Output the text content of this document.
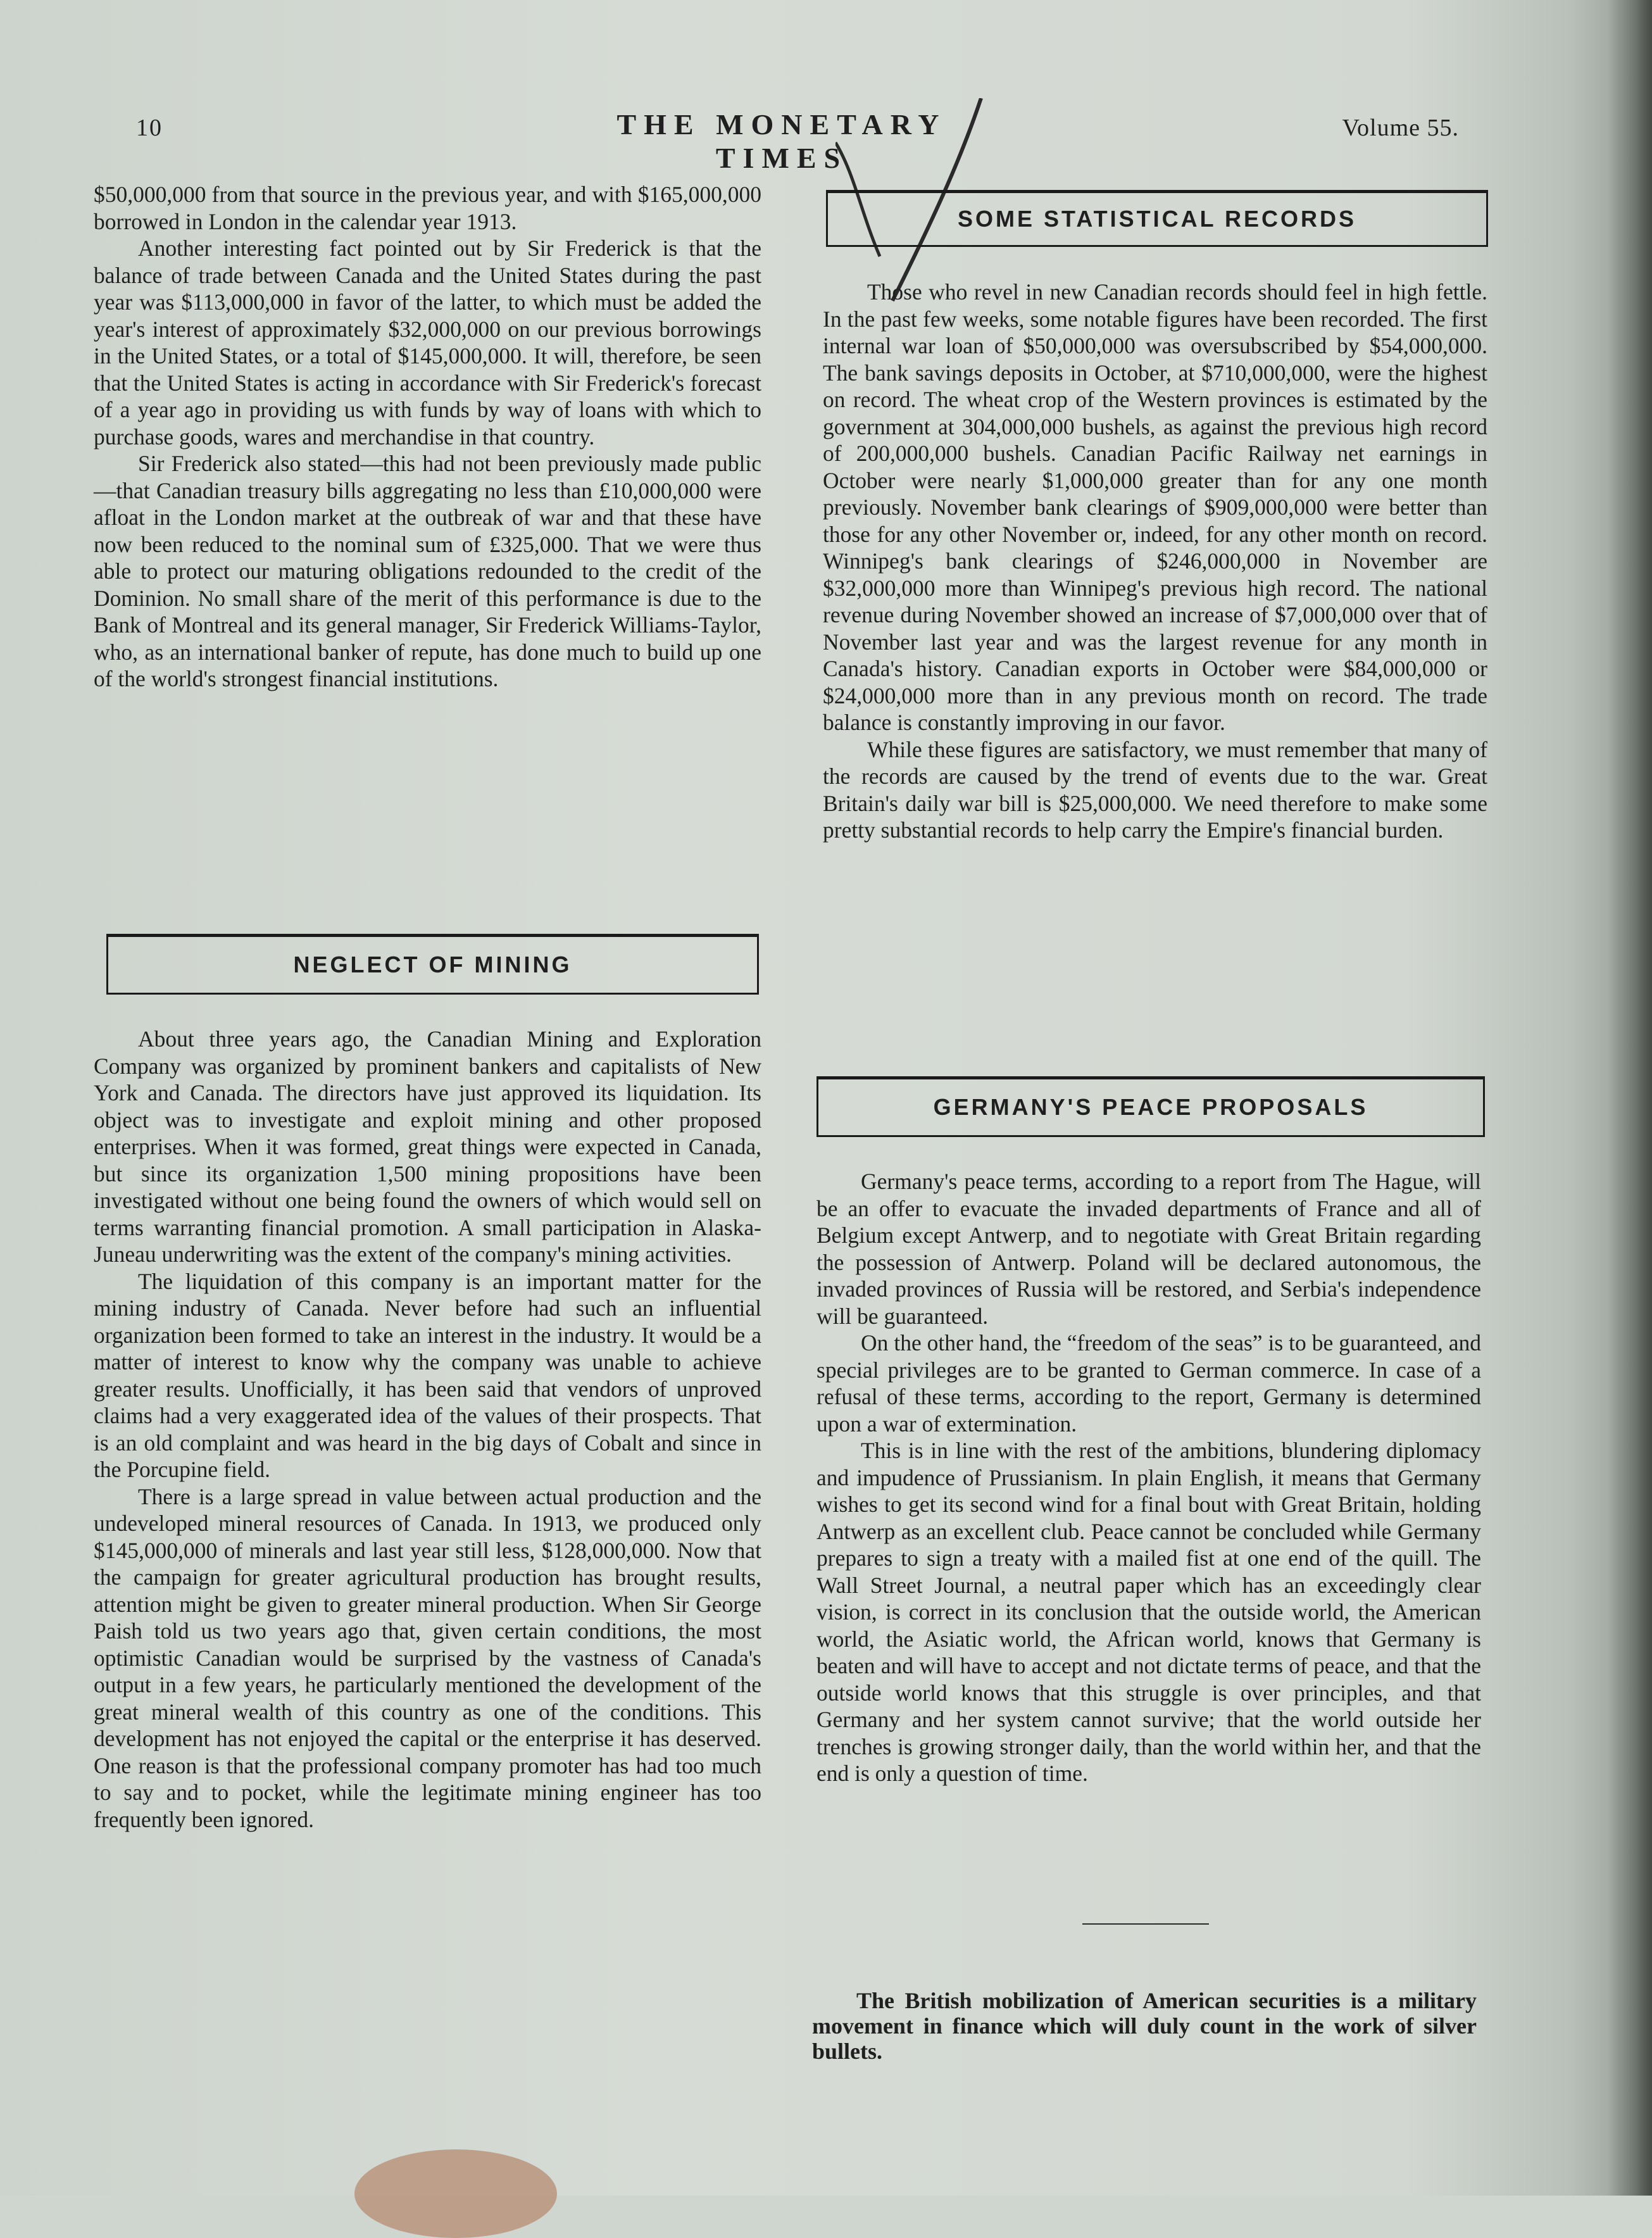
10	THE MONETARY TIMES
Volume 55.

$50,000,000 from that source in the previous year, and with $165,000,000 borrowed in London in the calendar year 1913.

Another interesting fact pointed out by Sir Frederick is that the balance of trade between Canada and the United States during the past year was $113,000,000 in favor of the latter, to which must be added the year's interest of approximately $32,000,000 on our previous borrowings in the United States, or a total of $145,000,000. It will, therefore, be seen that the United States is acting in accordance with Sir Frederick's forecast of a year ago in providing us with funds by way of loans with which to purchase goods, wares and merchandise in that country.

Sir Frederick also stated—this had not been previously made public—that Canadian treasury bills aggregating no less than £10,000,000 were afloat in the London market at the outbreak of war and that these have now been reduced to the nominal sum of £325,000. That we were thus able to protect our maturing obligations redounded to the credit of the Dominion. No small share of the merit of this performance is due to the Bank of Montreal and its general manager, Sir Frederick Williams-Taylor, who, as an international banker of repute, has done much to build up one of the world's strongest financial institutions.

NEGLECT OF MINING

About three years ago, the Canadian Mining and Exploration Company was organized by prominent bankers and capitalists of New York and Canada. The directors have just approved its liquidation. Its object was to investigate and exploit mining and other proposed enterprises. When it was formed, great things were expected in Canada, but since its organization 1,500 mining propositions have been investigated without one being found the owners of which would sell on terms warranting financial promotion. A small participation in Alaska-Juneau underwriting was the extent of the company's mining activities.

The liquidation of this company is an important matter for the mining industry of Canada. Never before had such an influential organization been formed to take an interest in the industry. It would be a matter of interest to know why the company was unable to achieve greater results. Unofficially, it has been said that vendors of unproved claims had a very exaggerated idea of the values of their prospects. That is an old complaint and was heard in the big days of Cobalt and since in the Porcupine field.

There is a large spread in value between actual production and the undeveloped mineral resources of Canada. In 1913, we produced only $145,000,000 of minerals and last year still less, $128,000,000. Now that the campaign for greater agricultural production has brought results, attention might be given to greater mineral production. When Sir George Paish told us two years ago that, given certain conditions, the most optimistic Canadian would be surprised by the vastness of Canada's output in a few years, he particularly mentioned the development of the great mineral wealth of this country as one of the conditions. This development has not enjoyed the capital or the enterprise it has deserved. One reason is that the professional company promoter has had too much to say and to pocket, while the legitimate mining engineer has too frequently been ignored.

SOME STATISTICAL RECORDS

Those who revel in new Canadian records should feel in high fettle. In the past few weeks, some notable figures have been recorded. The first internal war loan of $50,000,000 was oversubscribed by $54,000,000. The bank savings deposits in October, at $710,000,000, were the highest on record. The wheat crop of the Western provinces is estimated by the government at 304,000,000 bushels, as against the previous high record of 200,000,000 bushels. Canadian Pacific Railway net earnings in October were nearly $1,000,000 greater than for any one month previously. November bank clearings of $909,000,000 were better than those for any other November or, indeed, for any other month on record. Winnipeg's bank clearings of $246,000,000 in November are $32,000,000 more than Winnipeg's previous high record. The national revenue during November showed an increase of $7,000,000 over that of November last year and was the largest revenue for any month in Canada's history. Canadian exports in October were $84,000,000 or $24,000,000 more than in any previous month on record. The trade balance is constantly improving in our favor.

While these figures are satisfactory, we must remember that many of the records are caused by the trend of events due to the war. Great Britain's daily war bill is $25,000,000. We need therefore to make some pretty substantial records to help carry the Empire's financial burden.

GERMANY'S PEACE PROPOSALS

Germany's peace terms, according to a report from The Hague, will be an offer to evacuate the invaded departments of France and all of Belgium except Antwerp, and to negotiate with Great Britain regarding the possession of Antwerp. Poland will be declared autonomous, the invaded provinces of Russia will be restored, and Serbia's independence will be guaranteed.

On the other hand, the “freedom of the seas” is to be guaranteed, and special privileges are to be granted to German commerce. In case of a refusal of these terms, according to the report, Germany is determined upon a war of extermination.

This is in line with the rest of the ambitions, blundering diplomacy and impudence of Prussianism. In plain English, it means that Germany wishes to get its second wind for a final bout with Great Britain, holding Antwerp as an excellent club. Peace cannot be concluded while Germany prepares to sign a treaty with a mailed fist at one end of the quill. The Wall Street Journal, a neutral paper which has an exceedingly clear vision, is correct in its conclusion that the outside world, the American world, the Asiatic world, the African world, knows that Germany is beaten and will have to accept and not dictate terms of peace, and that the outside world knows that this struggle is over principles, and that Germany and her system cannot survive; that the world outside her trenches is growing stronger daily, than the world within her, and that the end is only a question of time.

The British mobilization of American securities is a military movement in finance which will duly count in the work of silver bullets.
